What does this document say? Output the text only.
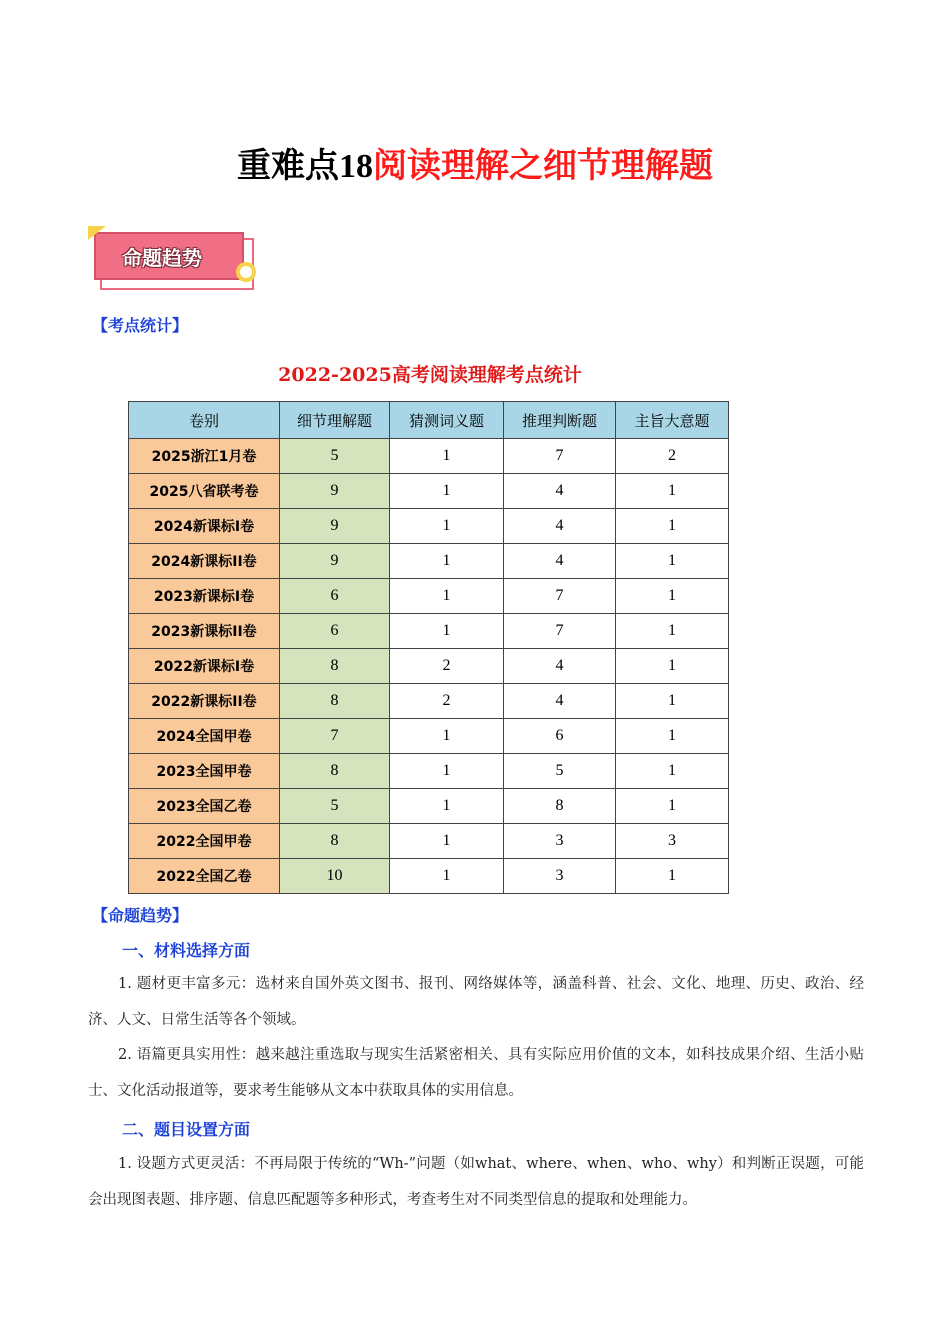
重难点18阅读理解之细节理解题
命题趋势
【考点统计】
2022-2025高考阅读理解考点统计
卷别	细节理解题	猜测词义题	推理判断题	主旨大意题
2025浙江1月卷	5	1	7	2
2025八省联考卷	9	1	4	1
2024新课标I卷	9	1	4	1
2024新课标II卷	9	1	4	1
2023新课标I卷	6	1	7	1
2023新课标II卷	6	1	7	1
2022新课标I卷	8	2	4	1
2022新课标II卷	8	2	4	1
2024全国甲卷	7	1	6	1
2023全国甲卷	8	1	5	1
2023全国乙卷	5	1	8	1
2022全国甲卷	8	1	3	3
2022全国乙卷	10	1	3	1
【命题趋势】
一、材料选择方面
1. 题材更丰富多元：选材来自国外英文图书、报刊、网络媒体等，涵盖科普、社会、文化、地理、历史、政治、经济、人文、日常生活等各个领域。
2. 语篇更具实用性：越来越注重选取与现实生活紧密相关、具有实际应用价值的文本，如科技成果介绍、生活小贴士、文化活动报道等，要求考生能够从文本中获取具体的实用信息。
二、题目设置方面
1. 设题方式更灵活：不再局限于传统的“Wh-”问题（如what、where、when、who、why）和判断正误题，可能会出现图表题、排序题、信息匹配题等多种形式，考查考生对不同类型信息的提取和处理能力。
